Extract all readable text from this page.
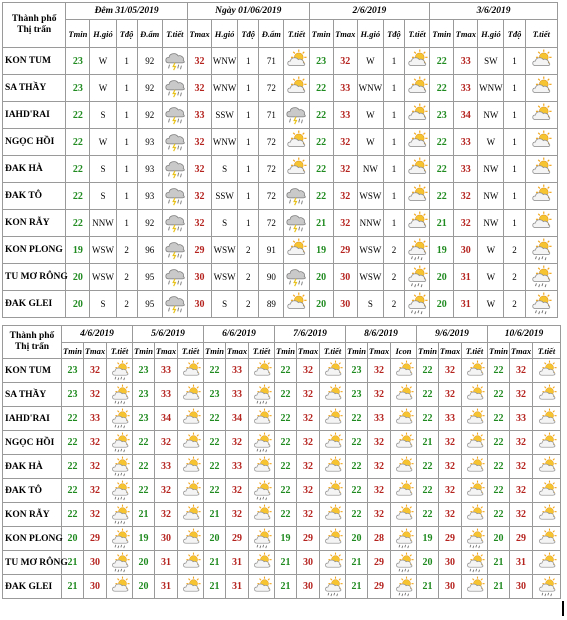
Thành phố
Thị trấn	Đêm 31/05/2019					Ngày 01/06/2019					2/6/2019					3/6/2019				
	Tmin	H.gió	Tđộ	Đ.ẩm	T.tiết	Tmax	H.gió	Tđộ	Đ.ẩm	T.tiết	Tmin	Tmax	H.gió	Tđộ	T.tiết	Tmin	Tmax	H.gió	Tđộ	T.tiết
KON TUM	23	W	1	92		32	WNW	1	71		23	32	W	1		22	33	SW	1	

SA THẦY	23	W	1	92		32	WNW	1	72		22	33	WNW	1		22	33	WNW	1	

IAHD'RAI	22	S	1	92		33	SSW	1	71		22	33	W	1		23	34	NW	1	

NGỌC HỒI	22	W	1	93		32	WNW	1	72		22	32	W	1		22	33	W	1	

ĐAK HÀ	22	S	1	93		32	S	1	72		22	32	NW	1		22	33	NW	1	

ĐAK TÔ	22	S	1	93		32	SSW	1	72		22	32	WSW	1		22	32	NW	1	

KON RẪY	22	NNW	1	92		32	S	1	72		21	32	NNW	1		21	32	NW	1	

KON PLONG	19	WSW	2	96		29	WSW	2	91		19	29	WSW	2		19	30	W	2	

TU MƠ RÔNG	20	WSW	2	95		30	WSW	2	90		20	30	WSW	2		20	31	W	2	

ĐAK GLEI	20	S	2	95		30	S	2	89		20	30	S	2		20	31	W	2	
Thành phố
Thị trấn	4/6/2019			5/6/2019			6/6/2019			7/6/2019			8/6/2019			9/6/2019			10/6/2019		
	Tmin	Tmax	T.tiết	Tmin	Tmax	T.tiết	Tmin	Tmax	T.tiết	Tmin	Tmax	T.tiết	Tmin	Tmax	Icon	Tmin	Tmax	T.tiết	Tmin	Tmax	T.tiết
KON TUM	23	32		23	33		22	33		22	32		23	32		22	32		22	32	

SA THẦY	23	32		23	33		23	33		22	32		23	32		22	32		22	32	

IAHD'RAI	22	33		23	34		22	34		22	32		22	33		22	33		22	33	

NGỌC HỒI	22	32		22	32		22	32		22	32		22	32		21	32		22	32	

ĐAK HÀ	22	32		22	33		22	33		22	32		22	32		22	32		22	32	

ĐAK TÔ	22	32		22	32		22	32		22	32		22	32		22	32		22	32	

KON RẪY	22	32		21	32		21	32		22	32		22	32		22	32		22	32	

KON PLONG	20	29		19	30		20	29		19	29		20	28		19	29		20	29	

TU MƠ RÔNG	21	30		20	31		21	31		21	30		21	29		20	30		21	31	

ĐAK GLEI	21	30		20	31		21	31		21	30		21	29		21	30		21	30	
